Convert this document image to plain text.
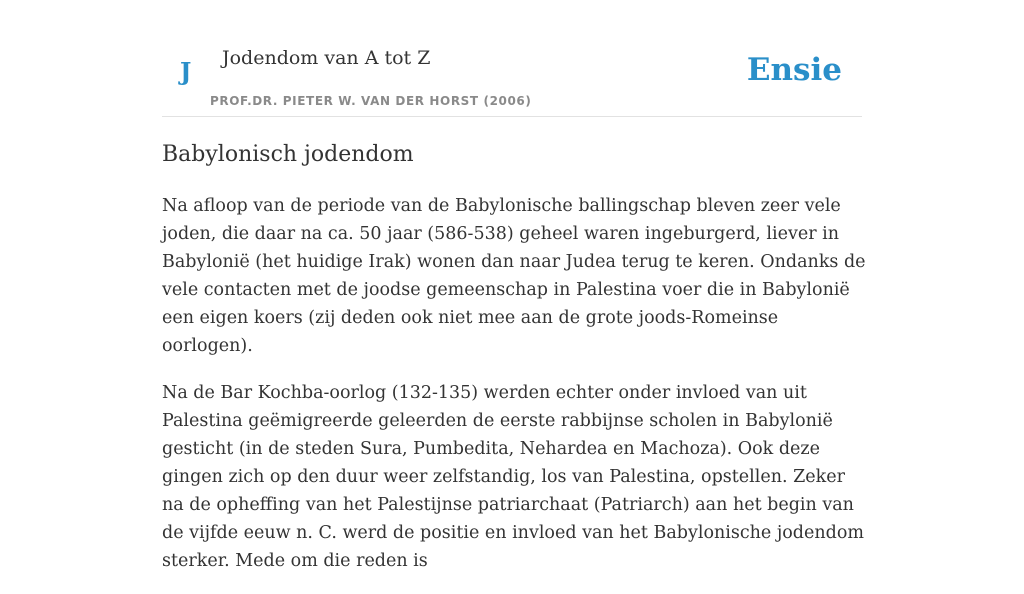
J Jodendom van A tot Z
PROF.DR. PIETER W. VAN DER HORST (2006)
Ensie
Babylonisch jodendom

Na afloop van de periode van de Babylonische ballingschap bleven zeer vele joden, die daar na ca. 50 jaar (586-538) geheel waren ingeburgerd, liever in Babylonië (het huidige Irak) wonen dan naar Judea terug te keren. Ondanks de vele contacten met de joodse gemeenschap in Palestina voer die in Babylonië een eigen koers (zij deden ook niet mee aan de grote joods-Romeinse oorlogen).

Na de Bar Kochba-oorlog (132-135) werden echter onder invloed van uit Palestina geëmigreerde geleerden de eerste rabbijnse scholen in Babylonië gesticht (in de steden Sura, Pumbedita, Nehardea en Machoza). Ook deze gingen zich op den duur weer zelfstandig, los van Palestina, opstellen. Zeker na de opheffing van het Palestijnse patriarchaat (Patriarch) aan het begin van de vijfde eeuw n. C. werd de positie en invloed van het Babylonische jodendom sterker. Mede om die reden is
